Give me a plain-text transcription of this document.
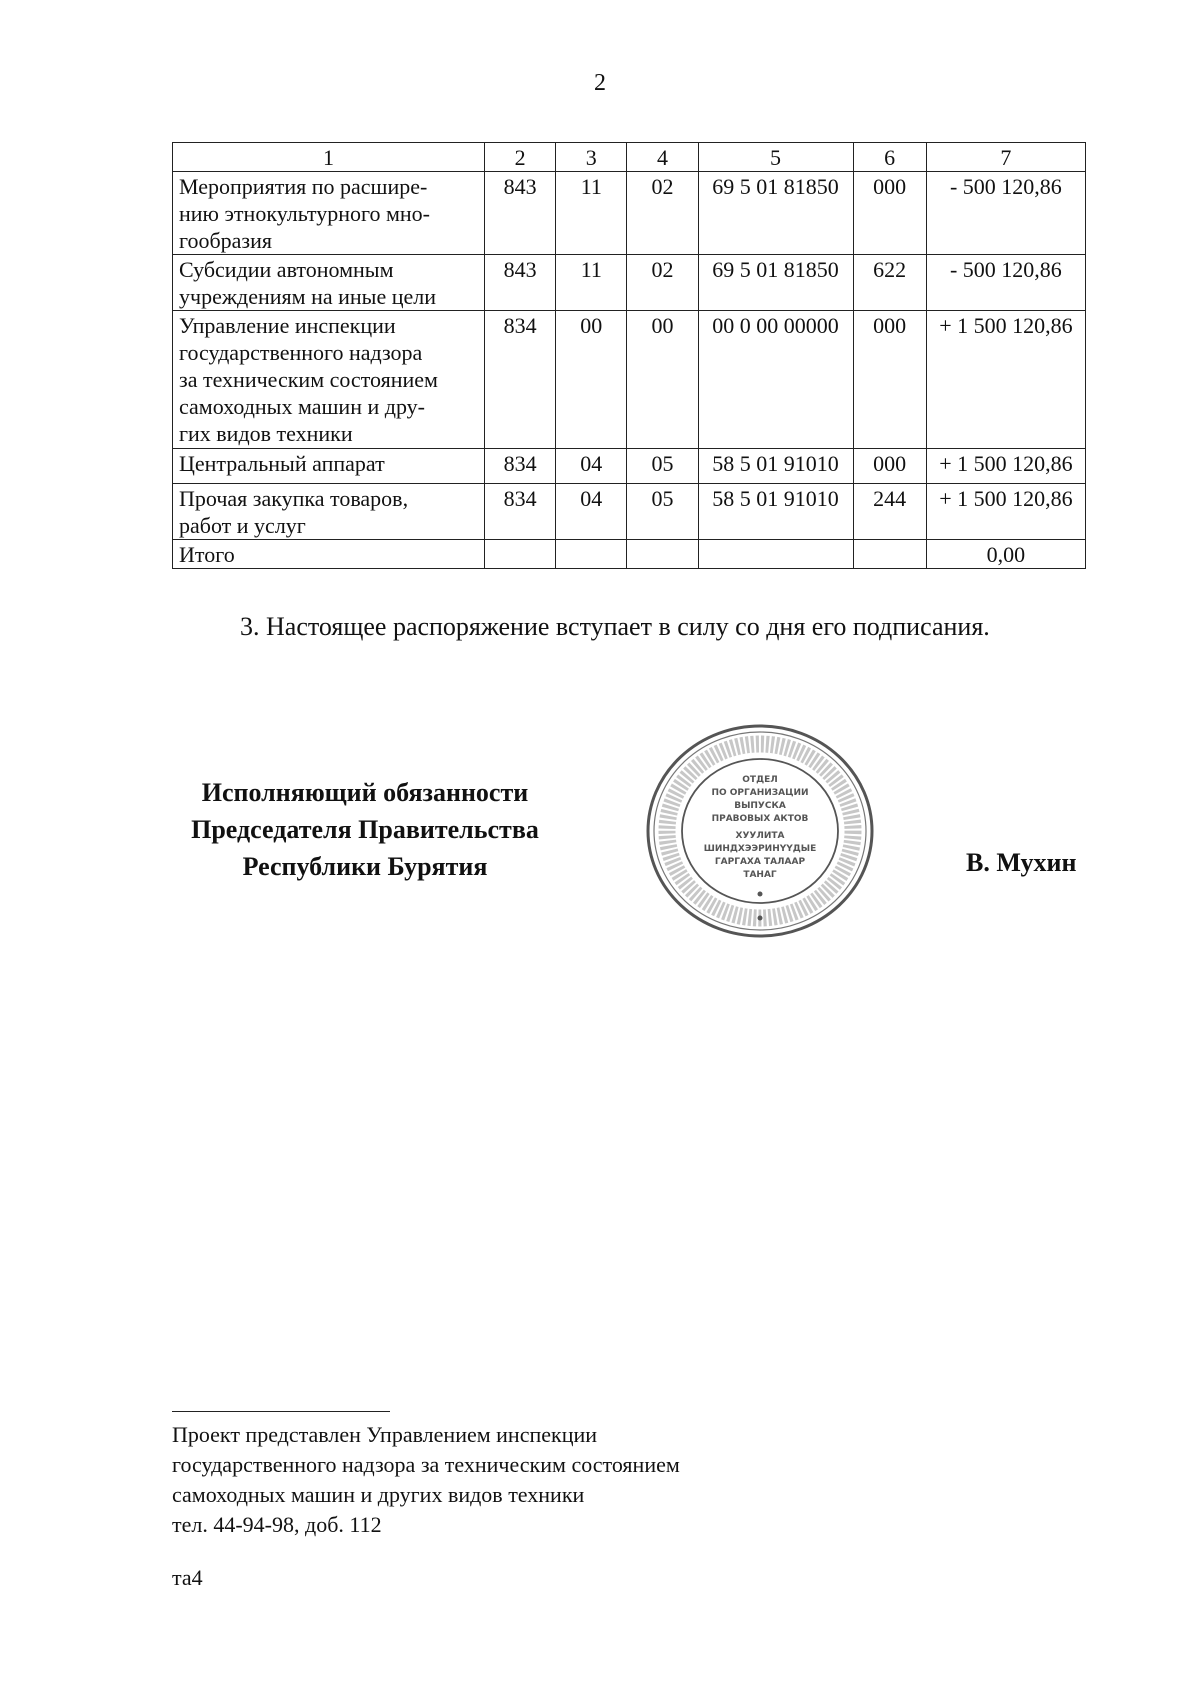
2
1	2	3	4	5	6	7
Мероприятия по расшире-
нию этнокультурного мно-
гообразия	843	11	02	69 5 01 81850	000	- 500 120,86
Субсидии автономным
учреждениям на иные цели	843	11	02	69 5 01 81850	622	- 500 120,86
Управление инспекции
государственного надзора
за техническим состоянием
самоходных машин и дру-
гих видов техники	834	00	00	00 0 00 00000	000	+ 1 500 120,86
Центральный аппарат	834	04	05	58 5 01 91010	000	+ 1 500 120,86
Прочая закупка товаров,
работ и услуг	834	04	05	58 5 01 91010	244	+ 1 500 120,86
Итого						0,00
3. Настоящее распоряжение вступает в силу со дня его подписания.
Исполняющий обязанности
Председателя Правительства
Республики Бурятия	В. Мухин
ОТДЕЛ
ПО ОРГАНИЗАЦИИ
ВЫПУСКА
ПРАВОВЫХ АКТОВ
ХУУЛИТА
ШИНДХЭЭРИНҮҮДЫЕ
ГАРГАХА ТАЛААР
ТАНАГ
Проект представлен Управлением инспекции
государственного надзора за техническим состоянием
самоходных машин и других видов техники
тел. 44-94-98, доб. 112
та4
